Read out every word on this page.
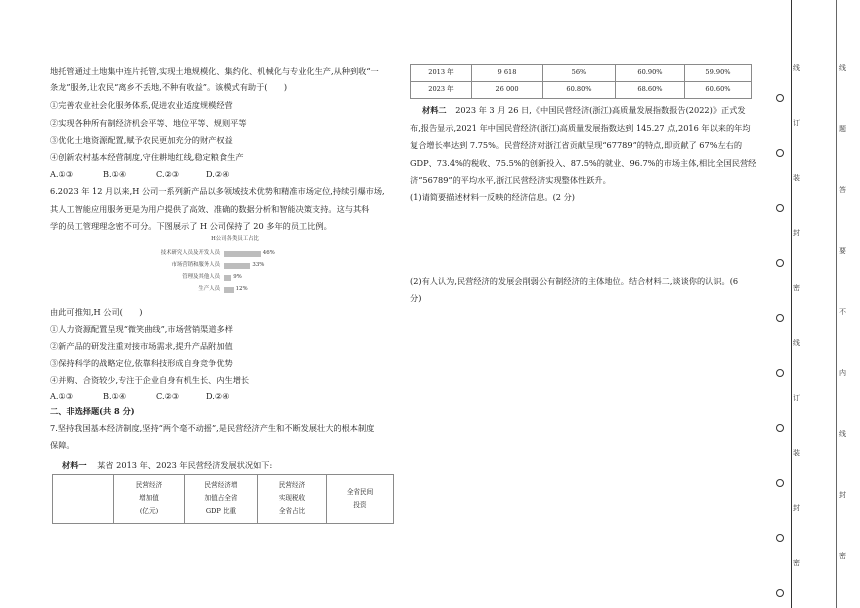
地托管通过土地集中连片托管,实现土地规模化、集约化、机械化与专业化生产,从种到收“一
条龙”服务,让农民“离乡不丢地,不种有收益”。该模式有助于(　　)
①完善农业社会化服务体系,促进农业适度规模经营
②实现各种所有制经济机会平等、地位平等、规则平等
③优化土地资源配置,赋予农民更加充分的财产权益
④创新农村基本经营制度,守住耕地红线,稳定粮食生产
A.①③	B.①④	C.②③	D.②④
6.2023 年 12 月以来,H 公司一系列新产品以多领域技术优势和精准市场定位,持续引爆市场,
其人工智能应用服务更是为用户提供了高效、准确的数据分析和智能决策支持。这与其科
学的员工管理理念密不可分。下图展示了 H 公司保持了 20 多年的员工比例。
由此可推知,H 公司(　　)
①人力资源配置呈现“微笑曲线”,市场营销渠道多样
②新产品的研发注重对接市场需求,提升产品附加值
③保持科学的战略定位,依靠科技形成自身竞争优势
④并购、合资较少,专注于企业自身有机生长、内生增长
A.①③	B.①④	C.②③	D.②④
二、非选择题(共 8 分)
7.坚持我国基本经济制度,坚持“两个毫不动摇”,是民营经济产生和不断发展壮大的根本制度
保障。
材料一 某省 2013 年、2023 年民营经济发展状况如下:
H公司各类员工占比
技术研究人员及开发人员	46%
市场营销和服务人员	33%
管理及其他人员 9%
生产人员	12%

民营经济
增加值
(亿元)

民营经济增
加值占全省
GDP 比重

民营经济
实现税收
全省占比

全省民间
投资
2013 年	9 618	56%	60.90%	59.90%
2023 年	26 000	60.80%	68.60%	60.60%
材料二 2023 年 3 月 26 日,《中国民营经济(浙江)高质量发展指数报告(2022)》正式发
布,报告显示,2021 年中国民营经济(浙江)高质量发展指数达到 145.27 点,2016 年以来的年均
复合增长率达到 7.75%。民营经济对浙江省贡献呈现“67789”的特点,即贡献了 67%左右的
GDP、73.4%的税收、75.5%的创新投入、87.5%的就业、96.7%的市场主体,相比全国民营经
济“56789”的平均水平,浙江民营经济实现整体性跃升。
(1)请简要描述材料一反映的经济信息。(2 分)
(2)有人认为,民营经济的发展会削弱公有制经济的主体地位。结合材料二,谈谈你的认识。(6
分)
线
订
装
封
密
线
订
装
封
密
线
题
答
要
不
内
线
封
密
